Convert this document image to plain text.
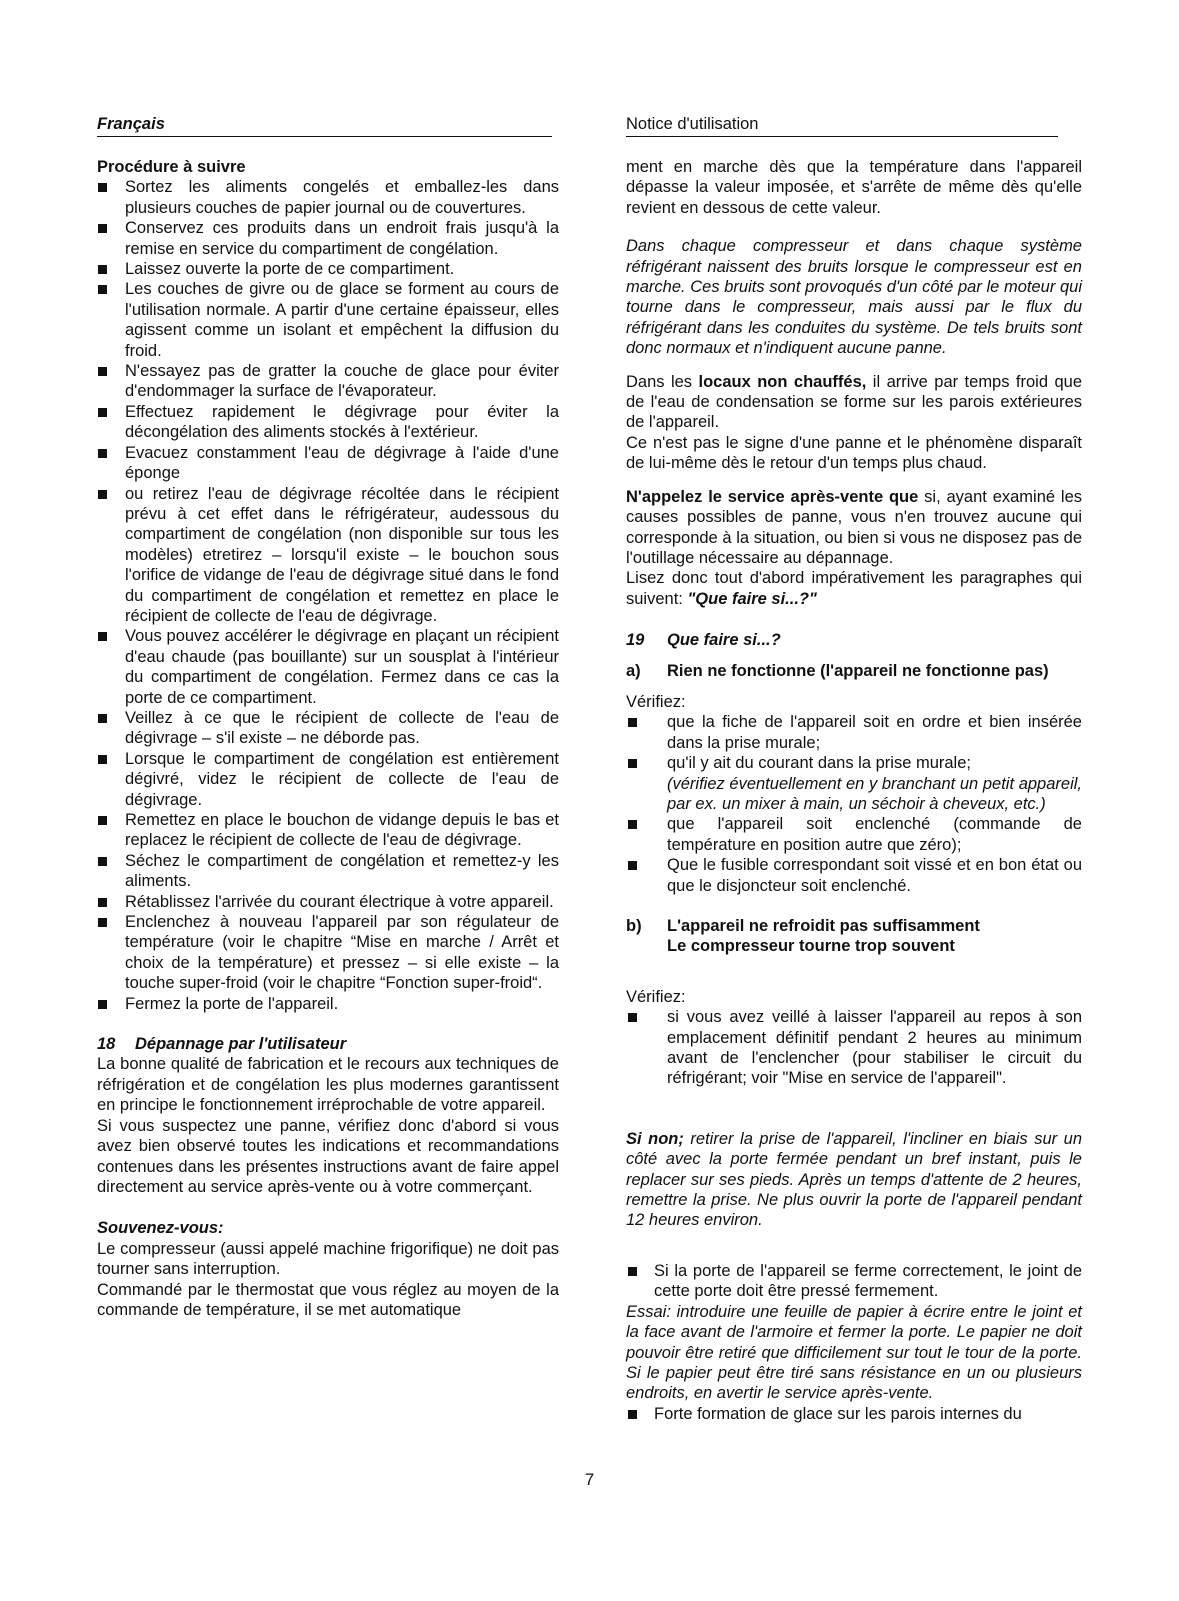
Français	Notice d'utilisation

Procédure à suivre

Sortez les aliments congelés et emballez-les dans plusieurs couches de papier journal ou de couvertures.
Conservez ces produits dans un endroit frais jusqu'à la remise en service du compartiment de congélation.
Laissez ouverte la porte de ce compartiment.
Les couches de givre ou de glace se forment au cours de l'utilisation normale. A partir d'une certaine épaisseur, elles agissent comme un isolant et empêchent la diffusion du froid.
N'essayez pas de gratter la couche de glace pour éviter d'endommager la surface de l'évaporateur.
Effectuez rapidement le dégivrage pour éviter la décongélation des aliments stockés à l'extérieur.
Evacuez constamment l'eau de dégivrage à l'aide d'une éponge
ou retirez l'eau de dégivrage récoltée dans le récipient prévu à cet effet dans le réfrigérateur, audessous du compartiment de congélation (non disponible sur tous les modèles) etretirez – lorsqu'il existe – le bouchon sous l'orifice de vidange de l'eau de dégivrage situé dans le fond du compartiment de congélation et remettez en place le récipient de collecte de l'eau de dégivrage.
Vous pouvez accélérer le dégivrage en plaçant un récipient d'eau chaude (pas bouillante) sur un sousplat à l'intérieur du compartiment de congélation. Fermez dans ce cas la porte de ce compartiment.
Veillez à ce que le récipient de collecte de l'eau de dégivrage – s'il existe – ne déborde pas.
Lorsque le compartiment de congélation est entièrement dégivré, videz le récipient de collecte de l'eau de dégivrage.
Remettez en place le bouchon de vidange depuis le bas et replacez le récipient de collecte de l'eau de dégivrage.
Séchez le compartiment de congélation et remettez-y les aliments.
Rétablissez l'arrivée du courant électrique à votre appareil.
Enclenchez à nouveau l'appareil par son régulateur de température (voir le chapitre “Mise en marche / Arrêt et choix de la température) et pressez – si elle existe – la touche super-froid (voir le chapitre “Fonction super-froid“.
Fermez la porte de l'appareil.

18 Dépannage par l'utilisateur

La bonne qualité de fabrication et le recours aux techniques de réfrigération et de congélation les plus modernes garantissent en principe le fonctionnement irréprochable de votre appareil.

Si vous suspectez une panne, vérifiez donc d'abord si vous avez bien observé toutes les indications et recommandations contenues dans les présentes instructions avant de faire appel directement au service après-vente ou à votre commerçant.

Souvenez-vous:

Le compresseur (aussi appelé machine frigorifique) ne doit pas tourner sans interruption.

Commandé par le thermostat que vous réglez au moyen de la commande de température, il se met automatique

ment en marche dès que la température dans l'appareil dépasse la valeur imposée, et s'arrête de même dès qu'elle revient en dessous de cette valeur.

Dans chaque compresseur et dans chaque système réfrigérant naissent des bruits lorsque le compresseur est en marche. Ces bruits sont provoqués d'un côté par le moteur qui tourne dans le compresseur, mais aussi par le flux du réfrigérant dans les conduites du système. De tels bruits sont donc normaux et n'indiquent aucune panne.

Dans les locaux non chauffés, il arrive par temps froid que de l'eau de condensation se forme sur les parois extérieures de l'appareil.

Ce n'est pas le signe d'une panne et le phénomène disparaît de lui-même dès le retour d'un temps plus chaud.

N'appelez le service après-vente que si, ayant examiné les causes possibles de panne, vous n'en trouvez aucune qui corresponde à la situation, ou bien si vous ne disposez pas de l'outillage nécessaire au dépannage.

Lisez donc tout d'abord impérativement les paragraphes qui suivent: "Que faire si...?"

19 Que faire si...?

a)	Rien ne fonctionne (l'appareil ne fonctionne pas)

Vérifiez:

que la fiche de l'appareil soit en ordre et bien insérée dans la prise murale;
qu'il y ait du courant dans la prise murale;
(vérifiez éventuellement en y branchant un petit appareil, par ex. un mixer à main, un séchoir à cheveux, etc.)
que l'appareil soit enclenché (commande de température en position autre que zéro);
Que le fusible correspondant soit vissé et en bon état ou que le disjoncteur soit enclenché.
b)	L'appareil ne refroidit pas suffisamment
Le compresseur tourne trop souvent

Vérifiez:

si vous avez veillé à laisser l'appareil au repos à son emplacement définitif pendant 2 heures au minimum avant de l'enclencher (pour stabiliser le circuit du réfrigérant; voir "Mise en service de l'appareil".

Si non; retirer la prise de l'appareil, l'incliner en biais sur un côté avec la porte fermée pendant un bref instant, puis le replacer sur ses pieds. Après un temps d'attente de 2 heures, remettre la prise. Ne plus ouvrir la porte de l'appareil pendant 12 heures environ.

Si la porte de l'appareil se ferme correctement, le joint de cette porte doit être pressé fermement.

Essai: introduire une feuille de papier à écrire entre le joint et la face avant de l'armoire et fermer la porte. Le papier ne doit pouvoir être retiré que difficilement sur tout le tour de la porte. Si le papier peut être tiré sans résistance en un ou plusieurs endroits, en avertir le service après-vente.

Forte formation de glace sur les parois internes du
7
